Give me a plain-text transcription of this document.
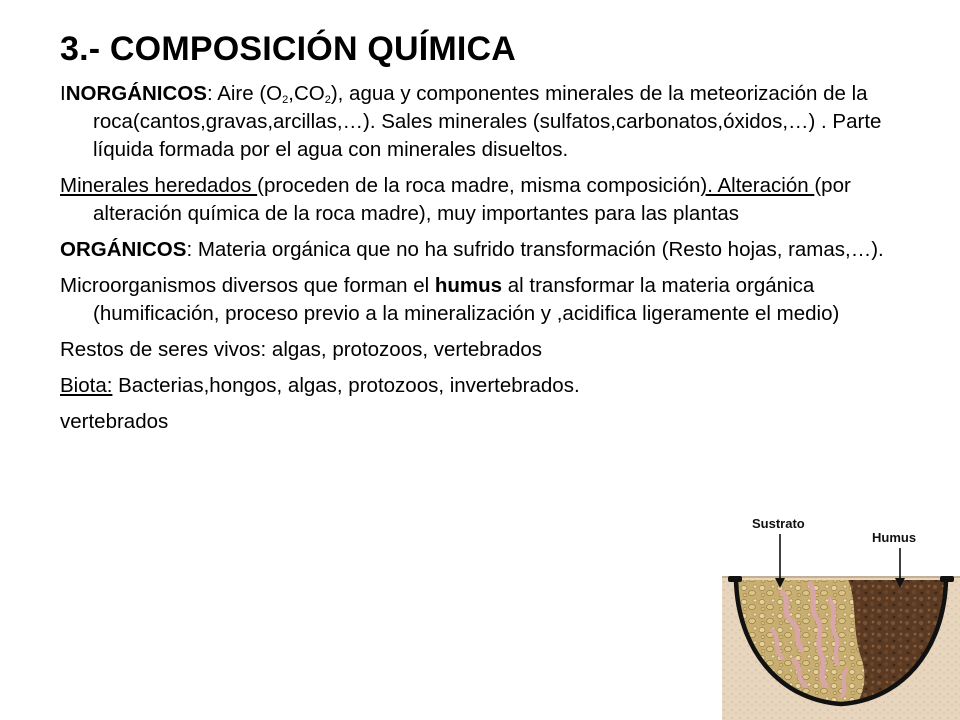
3.- COMPOSICIÓN QUÍMICA

INORGÁNICOS: Aire $(O_2,CO_2)$, agua y componentes minerales de la meteorización de la roca(cantos,gravas,arcillas,…). Sales minerales (sulfatos,carbonatos,óxidos,…) . Parte líquida formada por el agua con minerales disueltos.

Minerales heredados (proceden de la roca madre, misma composición). Alteración (por alteración química de la roca madre), muy importantes para las plantas

ORGÁNICOS: Materia orgánica que no ha sufrido transformación (Resto hojas, ramas,…).

Microorganismos diversos que forman el humus al transformar la materia orgánica (humificación, proceso previo a la mineralización y ,acidifica ligeramente el medio)

Restos de seres vivos: algas, protozoos, vertebrados

Biota: Bacterias,hongos, algas, protozoos, invertebrados.

vertebrados

Sustrato
Humus
